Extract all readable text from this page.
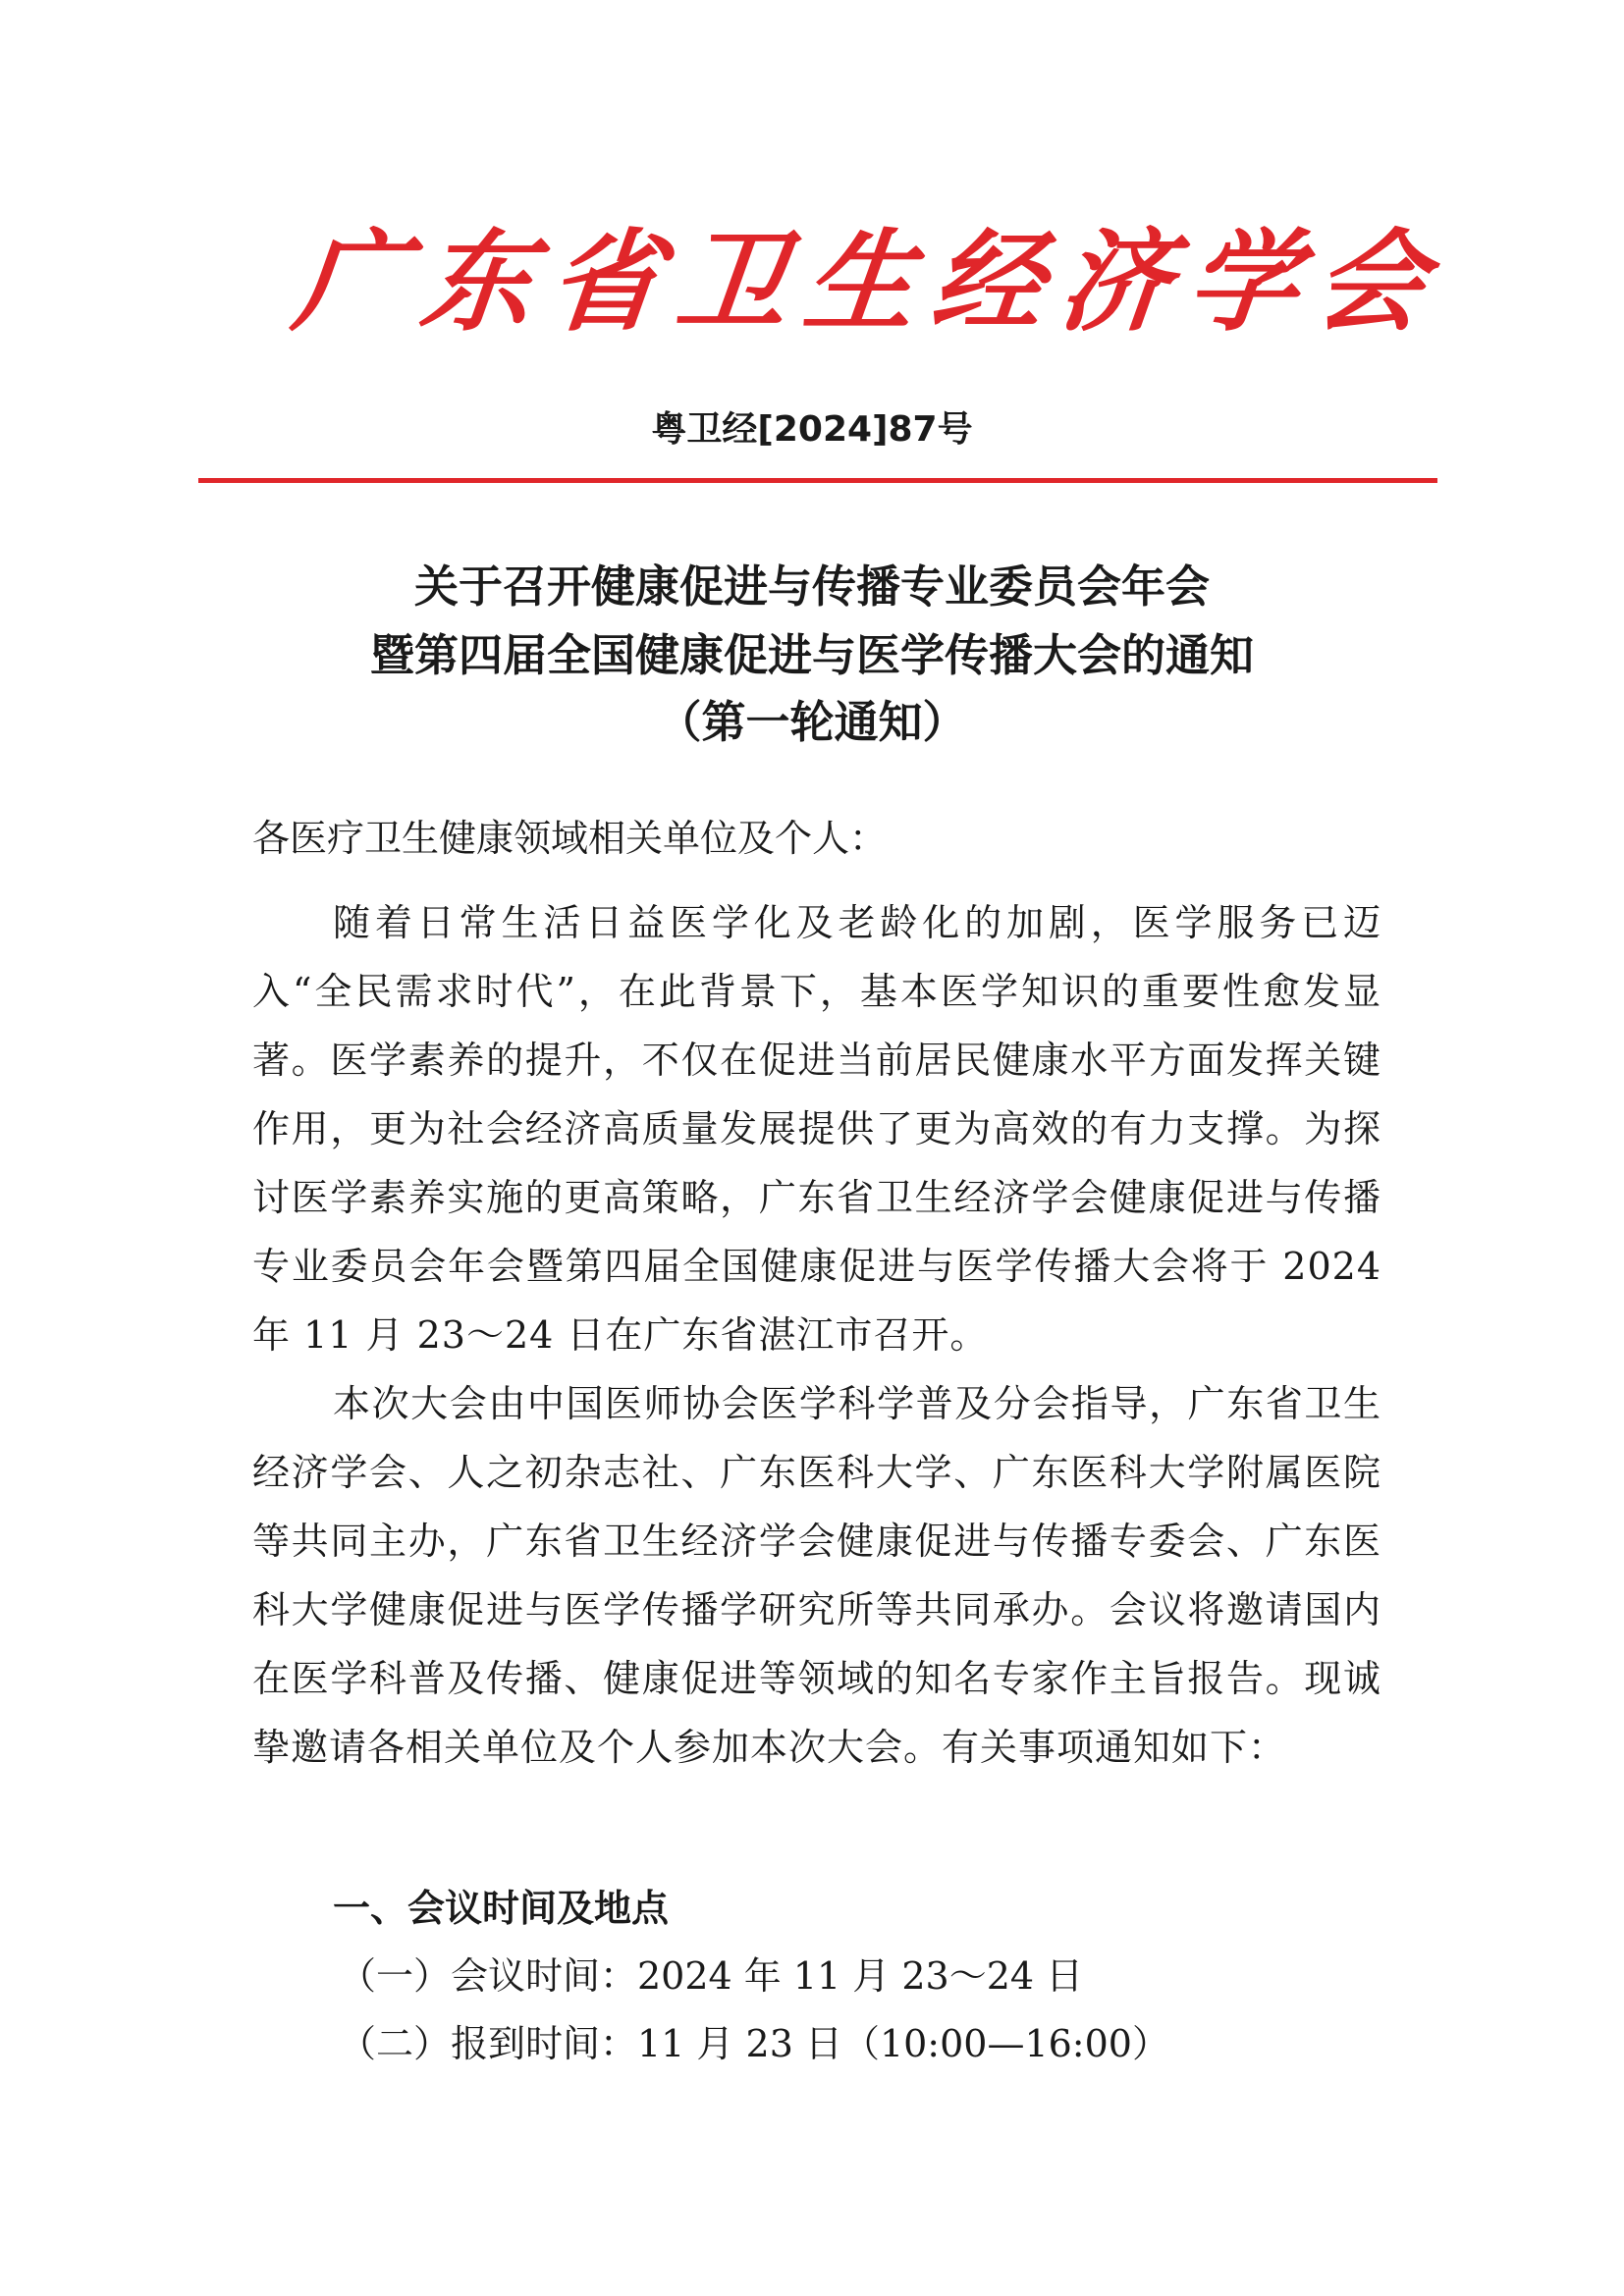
广东省卫生经济学会
粤卫经[2024]87号
关于召开健康促进与传播专业委员会年会
暨第四届全国健康促进与医学传播大会的通知
（第一轮通知）
各医疗卫生健康领域相关单位及个人：
随着日常生活日益医学化及老龄化的加剧，医学服务已迈入“全民需求时代”，在此背景下，基本医学知识的重要性愈发显著。医学素养的提升，不仅在促进当前居民健康水平方面发挥关键作用，更为社会经济高质量发展提供了更为高效的有力支撑。为探讨医学素养实施的更高策略，广东省卫生经济学会健康促进与传播专业委员会年会暨第四届全国健康促进与医学传播大会将于 2024 年 11 月 23～24 日在广东省湛江市召开。
本次大会由中国医师协会医学科学普及分会指导，广东省卫生经济学会、人之初杂志社、广东医科大学、广东医科大学附属医院等共同主办，广东省卫生经济学会健康促进与传播专委会、广东医科大学健康促进与医学传播学研究所等共同承办。会议将邀请国内在医学科普及传播、健康促进等领域的知名专家作主旨报告。现诚挚邀请各相关单位及个人参加本次大会。有关事项通知如下：
一、会议时间及地点
（一）会议时间：2024 年 11 月 23～24 日
（二）报到时间：11 月 23 日（10:00—16:00）
